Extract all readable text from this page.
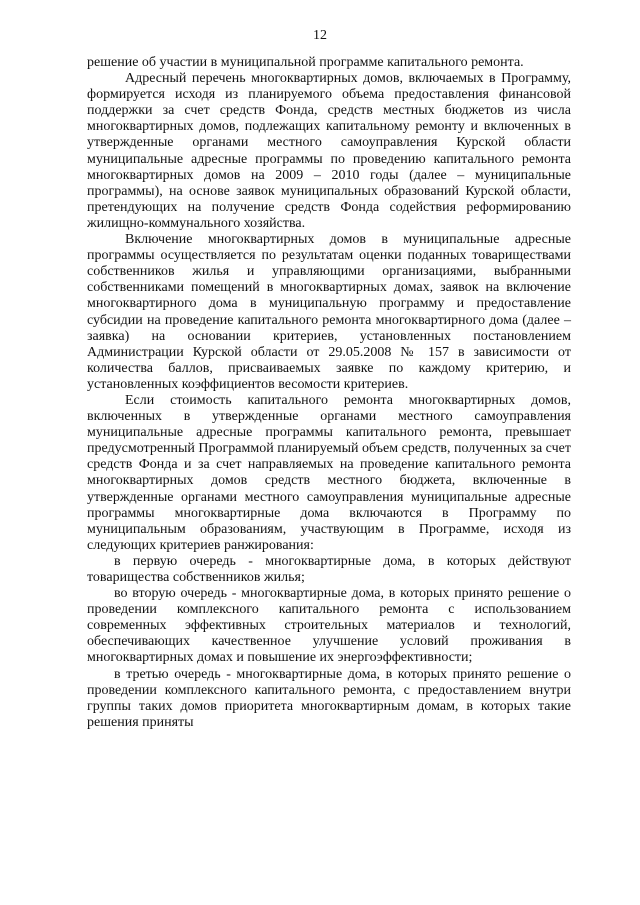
12

решение об участии в муниципальной программе капитального ремонта.

Адресный перечень многоквартирных домов, включаемых в Программу, формируется исходя из планируемого объема предоставления финансовой поддержки за счет средств Фонда, средств местных бюджетов из числа многоквартирных домов, подлежащих капитальному ремонту и включенных в утвержденные органами местного самоуправления Курской области муниципальные адресные программы по проведению капитального ремонта многоквартирных домов на 2009 – 2010 годы (далее – муниципальные программы), на основе заявок муниципальных образований Курской области, претендующих на получение средств Фонда содействия реформированию жилищно-коммунального хозяйства.

Включение многоквартирных домов в муниципальные адресные программы осуществляется по результатам оценки поданных товариществами собственников жилья и управляющими организациями, выбранными собственниками помещений в многоквартирных домах, заявок на включение многоквартирного дома в муниципальную программу и предоставление субсидии на проведение капитального ремонта многоквартирного дома (далее – заявка) на основании критериев, установленных постановлением Администрации Курской области от 29.05.2008 № 157 в зависимости от количества баллов, присваиваемых заявке по каждому критерию, и установленных коэффициентов весомости критериев.

Если стоимость капитального ремонта многоквартирных домов, включенных в утвержденные органами местного самоуправления муниципальные адресные программы капитального ремонта, превышает предусмотренный Программой планируемый объем средств, полученных за счет средств Фонда и за счет направляемых на проведение капитального ремонта многоквартирных домов средств местного бюджета, включенные в утвержденные органами местного самоуправления муниципальные адресные программы многоквартирные дома включаются в Программу по муниципальным образованиям, участвующим в Программе, исходя из следующих критериев ранжирования:

в первую очередь - многоквартирные дома, в которых действуют товарищества собственников жилья;

во вторую очередь - многоквартирные дома, в которых принято решение о проведении комплексного капитального ремонта с использованием современных эффективных строительных материалов и технологий, обеспечивающих качественное улучшение условий проживания в многоквартирных домах и повышение их энергоэффективности;

в третью очередь - многоквартирные дома, в которых принято решение о проведении комплексного капитального ремонта, с предоставлением внутри группы таких домов приоритета многоквартирным домам, в которых такие решения приняты
